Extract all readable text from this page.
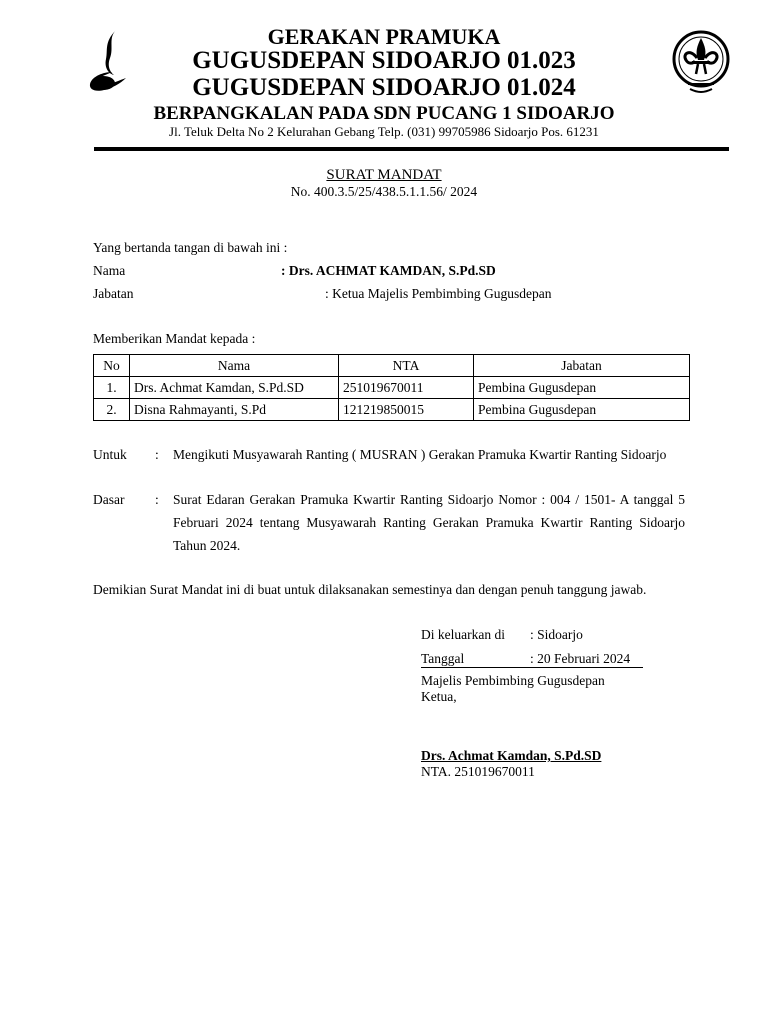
GERAKAN PRAMUKA
GUGUSDEPAN SIDOARJO 01.023
GUGUSDEPAN SIDOARJO 01.024
BERPANGKALAN PADA SDN PUCANG 1 SIDOARJO
Jl. Teluk Delta No 2 Kelurahan Gebang Telp. (031) 99705986 Sidoarjo Pos. 61231
SURAT MANDAT
No. 400.3.5/25/438.5.1.1.56/ 2024
Yang bertanda tangan di bawah ini :
Nama	: Drs. ACHMAT KAMDAN, S.Pd.SD
Jabatan	: Ketua Majelis Pembimbing Gugusdepan
Memberikan Mandat kepada :
No	Nama	NTA	Jabatan
1.	Drs. Achmat Kamdan, S.Pd.SD	251019670011	Pembina Gugusdepan
2.	Disna Rahmayanti, S.Pd	121219850015	Pembina Gugusdepan
Untuk : Mengikuti Musyawarah Ranting ( MUSRAN ) Gerakan Pramuka Kwartir Ranting Sidoarjo
Dasar : Surat Edaran Gerakan Pramuka Kwartir Ranting Sidoarjo Nomor : 004 / 1501- A tanggal 5 Februari 2024 tentang Musyawarah Ranting Gerakan Pramuka Kwartir Ranting Sidoarjo Tahun 2024.
Demikian Surat Mandat ini di buat untuk dilaksanakan semestinya dan dengan penuh tanggung jawab.
Di keluarkan di : Sidoarjo
Tanggal	: 20 Februari 2024
Majelis Pembimbing Gugusdepan
Ketua,
Drs. Achmat Kamdan, S.Pd.SD
NTA. 251019670011
